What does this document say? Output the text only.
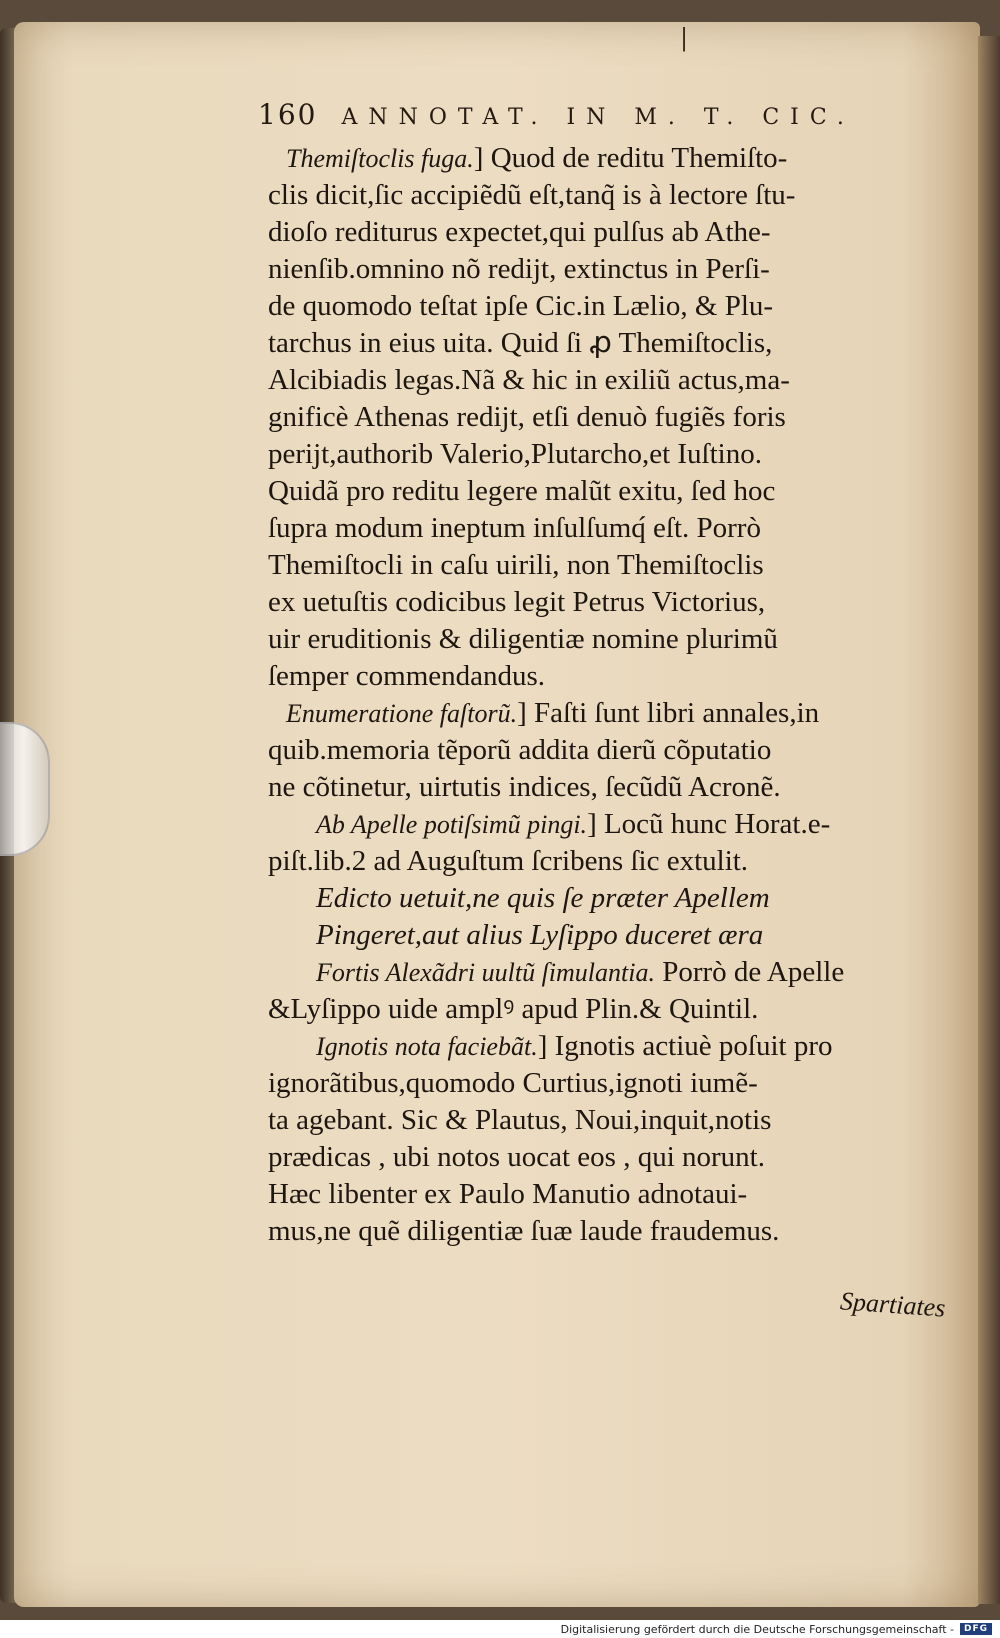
|
160 ANNOTAT. IN M. T. CIC.
Themiſtoclis fuga.] Quod de reditu Themiſto-
clis dicit,ſic accipiẽdũ eſt,tanq̃ is à lectore ſtu-
dioſo rediturus expectet,qui pulſus ab Athe-
nienſib.omnino nõ rediјt, extinctus in Perſi-
de quomodo teſtat ipſe Cic.in Lælio, & Plu-
tarchus in eius uita. Quid ſi ꝓ Themiſtoclis,
Alcibiadis legas.Nã & hic in exiliũ actus,ma-
gnificè Athenas rediјt, etſi denuò fugiẽs foris
periјt,authorib Valerio,Plutarcho,et Iuſtino.
Quidã pro reditu legere malũt exitu, ſed hoc
ſupra modum ineptum inſulſumq́ eſt. Porrò
Themiſtocli in caſu uirili, non Themiſtoclis
ex uetuſtis codicibus legit Petrus Victorius,
uir eruditionis & diligentiæ nomine plurimũ
ſemper commendandus.
Enumeratione faſtorũ.] Faſti ſunt libri annales,in
quib.memoria tẽporũ addita dierũ cõputatio
ne cõtinetur, uirtutis indices, ſecũdũ Acronẽ.
Ab Apelle potiſsimũ pingi.] Locũ hunc Horat.e-
piſt.lib.2 ad Auguſtum ſcribens ſic extulit.
Edicto uetuit,ne quis ſe præter Apellem
Pingeret,aut alius Lyſippo duceret æra
Fortis Alexãdri uultũ ſimulantia. Porrò de Apelle
&Lyſippo uide amplꝰ apud Plin.& Quintil.
Ignotis nota faciebãt.] Ignotis actiuè poſuit pro
ignorãtibus,quomodo Curtius,ignoti iumẽ-
ta agebant. Sic & Plautus, Noui,inquit,notis
prædicas , ubi notos uocat eos , qui norunt.
Hæc libenter ex Paulo Manutio adnotaui-
mus,ne quẽ diligentiæ ſuæ laude fraudemus.
Spartiates
Digitalisierung gefördert durch die Deutsche Forschungsgemeinschaft -	DFG
